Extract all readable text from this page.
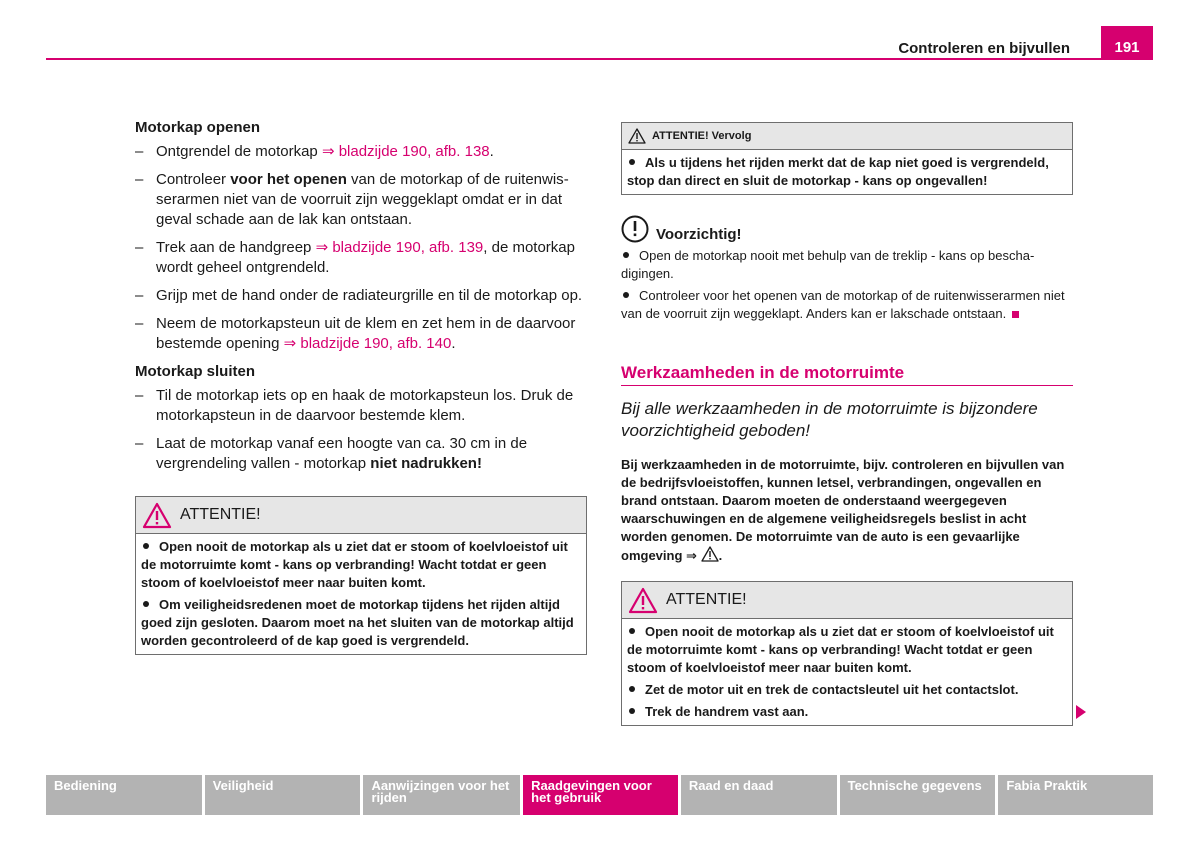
Controleren en bijvullen	191
Motorkap openen
– Ontgrendel de motorkap ⇒ bladzijde 190, afb. 138.
– Controleer voor het openen van de motorkap of de ruitenwisserarmen niet van de voorruit zijn weggeklapt omdat er in dat geval schade aan de lak kan ontstaan.
– Trek aan de handgreep ⇒ bladzijde 190, afb. 139, de motorkap wordt geheel ontgrendeld.
– Grijp met de hand onder de radiateurgrille en til de motorkap op.
– Neem de motorkapsteun uit de klem en zet hem in de daarvoor bestemde opening ⇒ bladzijde 190, afb. 140.
Motorkap sluiten
– Til de motorkap iets op en haak de motorkapsteun los. Druk de motorkapsteun in de daarvoor bestemde klem.
– Laat de motorkap vanaf een hoogte van ca. 30 cm in de vergrendeling vallen - motorkap niet nadrukken!
ATTENTIE!
Open nooit de motorkap als u ziet dat er stoom of koelvloeistof uit de motorruimte komt - kans op verbranding! Wacht totdat er geen stoom of koelvloeistof meer naar buiten komt.
Om veiligheidsredenen moet de motorkap tijdens het rijden altijd goed zijn gesloten. Daarom moet na het sluiten van de motorkap altijd worden gecontroleerd of de kap goed is vergrendeld.
ATTENTIE! Vervolg
Als u tijdens het rijden merkt dat de kap niet goed is vergrendeld, stop dan direct en sluit de motorkap - kans op ongevallen!
Voorzichtig!
Open de motorkap nooit met behulp van de treklip - kans op beschadigingen.
Controleer voor het openen van de motorkap of de ruitenwisserarmen niet van de voorruit zijn weggeklapt. Anders kan er lakschade ontstaan.
Werkzaamheden in de motorruimte
Bij alle werkzaamheden in de motorruimte is bijzondere voorzichtigheid geboden!
Bij werkzaamheden in de motorruimte, bijv. controleren en bijvullen van de bedrijfsvloeistoffen, kunnen letsel, verbrandingen, ongevallen en brand ontstaan. Daarom moeten de onderstaand weergegeven waarschuwingen en de algemene veiligheidsregels beslist in acht worden genomen. De motorruimte van de auto is een gevaarlijke omgeving ⇒ .
ATTENTIE!
Open nooit de motorkap als u ziet dat er stoom of koelvloeistof uit de motorruimte komt - kans op verbranding! Wacht totdat er geen stoom of koelvloeistof meer naar buiten komt.
Zet de motor uit en trek de contactsleutel uit het contactslot.
Trek de handrem vast aan.
Bediening	Veiligheid	Aanwijzingen voor het rijden
Raadgevingen voor het gebruik
Raad en daad	Technische gegevens	Fabia Praktik
